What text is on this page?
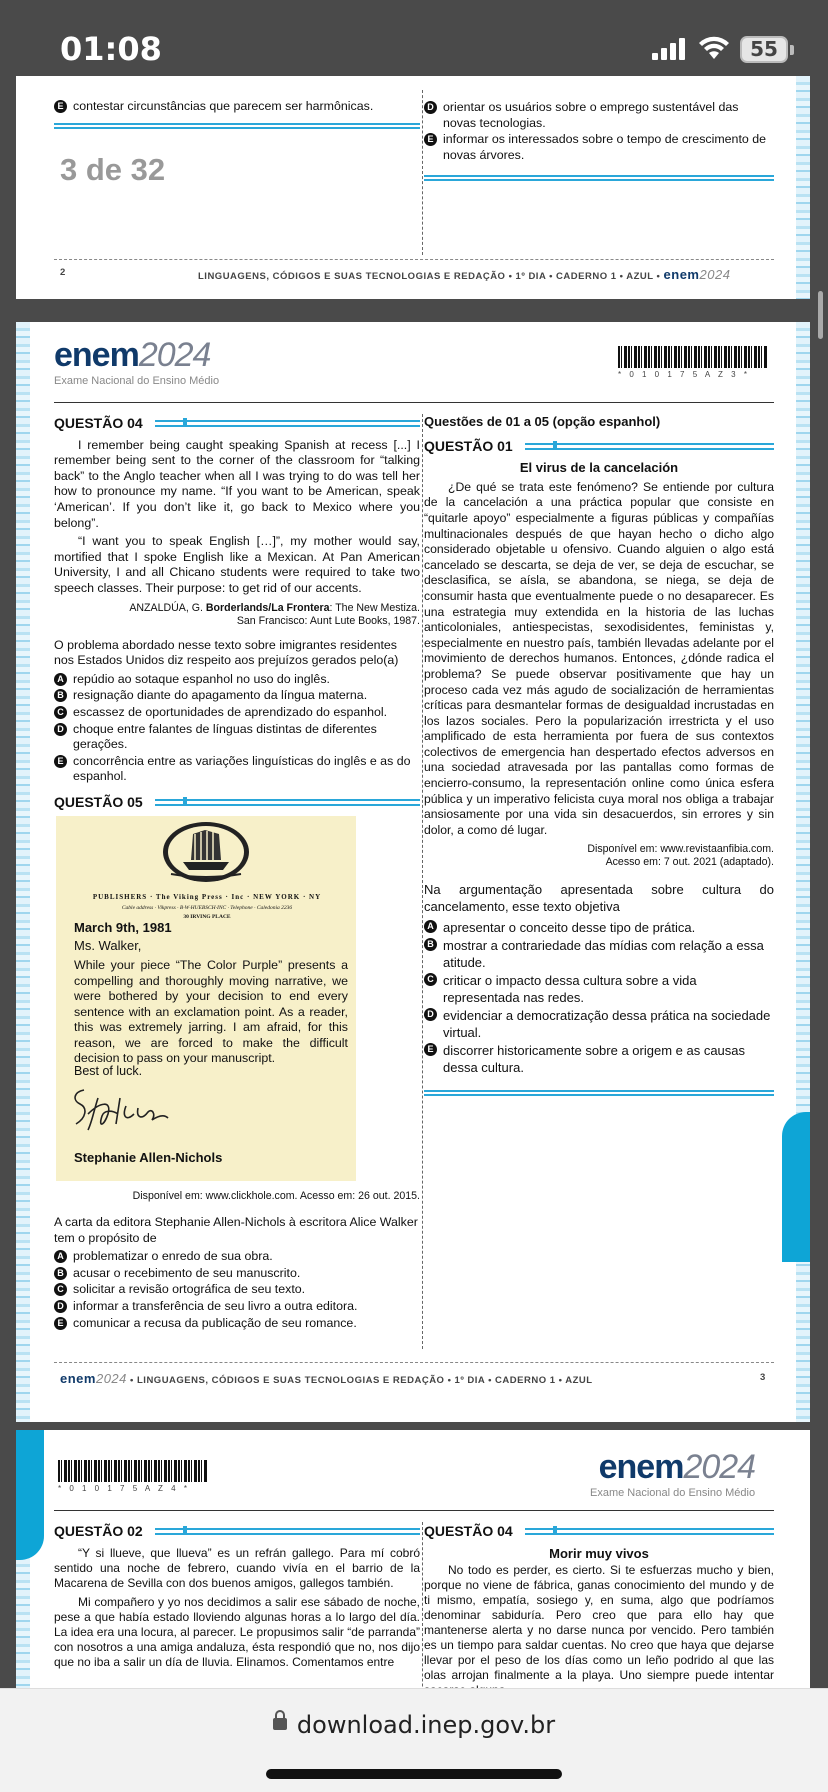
01:08	55
E contestar circunstâncias que parecem ser harmônicas.	D orientar os usuários sobre o emprego sustentável das novas tecnologias.
E informar os interessados sobre o tempo de crescimento de novas árvores.
2	LINGUAGENS, CÓDIGOS E SUAS TECNOLOGIAS E REDAÇÃO • 1º DIA • CADERNO 1 • AZUL • enem2024
3 de 32
enem2024
Exame Nacional do Ensino Médio
* 0 1 0 1 7 5 A Z 3 *
QUESTÃO 04
I remember being caught speaking Spanish at recess [...] I remember being sent to the corner of the classroom for “talking back” to the Anglo teacher when all I was trying to do was tell her how to pronounce my name. “If you want to be American, speak ‘American’. If you don’t like it, go back to Mexico where you belong”.
“I want you to speak English […]”, my mother would say, mortified that I spoke English like a Mexican. At Pan American University, I and all Chicano students were required to take two speech classes. Their purpose: to get rid of our accents.
ANZALDÚA, G. Borderlands/La Frontera: The New Mestiza.
San Francisco: Aunt Lute Books, 1987.
O problema abordado nesse texto sobre imigrantes residentes nos Estados Unidos diz respeito aos prejuízos gerados pelo(a)
A repúdio ao sotaque espanhol no uso do inglês.
B resignação diante do apagamento da língua materna.
C escassez de oportunidades de aprendizado do espanhol.
D choque entre falantes de línguas distintas de diferentes gerações.
E concorrência entre as variações linguísticas do inglês e as do espanhol.
QUESTÃO 05
PUBLISHERS · The Viking Press · Inc · NEW YORK · NY
Cable address · Vikpress · B·W·HUEBSCH·INC · Telephone · Caledonia 2236
30 IRVING PLACE
March 9th, 1981
Ms. Walker,
While your piece “The Color Purple” presents a compelling and thoroughly moving narrative, we were bothered by your decision to end every sentence with an exclamation point. As a reader, this was extremely jarring. I am afraid, for this reason, we are forced to make the difficult decision to pass on your manuscript.
Best of luck.
Stephanie Allen-Nichols
Disponível em: www.clickhole.com. Acesso em: 26 out. 2015.
A carta da editora Stephanie Allen-Nichols à escritora Alice Walker tem o propósito de
A problematizar o enredo de sua obra.
B acusar o recebimento de seu manuscrito.
C solicitar a revisão ortográfica de seu texto.
D informar a transferência de seu livro a outra editora.
E comunicar a recusa da publicação de seu romance.
Questões de 01 a 05 (opção espanhol)
QUESTÃO 01
El virus de la cancelación
¿De qué se trata este fenómeno? Se entiende por cultura de la cancelación a una práctica popular que consiste en “quitarle apoyo” especialmente a figuras públicas y compañías multinacionales después de que hayan hecho o dicho algo considerado objetable u ofensivo. Cuando alguien o algo está cancelado se descarta, se deja de ver, se deja de escuchar, se desclasifica, se aísla, se abandona, se niega, se deja de consumir hasta que eventualmente puede o no desaparecer. Es una estrategia muy extendida en la historia de las luchas anticoloniales, antiespecistas, sexodisidentes, feministas y, especialmente en nuestro país, también llevadas adelante por el movimiento de derechos humanos. Entonces, ¿dónde radica el problema? Se puede observar positivamente que hay un proceso cada vez más agudo de socialización de herramientas críticas para desmantelar formas de desigualdad incrustadas en los lazos sociales. Pero la popularización irrestricta y el uso amplificado de esta herramienta por fuera de sus contextos colectivos de emergencia han despertado efectos adversos en una sociedad atravesada por las pantallas como formas de encierro-consumo, la representación online como única esfera pública y un imperativo felicista cuya moral nos obliga a trabajar ansiosamente por una vida sin desacuerdos, sin errores y sin dolor, a como dé lugar.
Disponível em: www.revistaanfibia.com.
Acesso em: 7 out. 2021 (adaptado).
Na argumentação apresentada sobre cultura do cancelamento, esse texto objetiva
A apresentar o conceito desse tipo de prática.
B mostrar a contrariedade das mídias com relação a essa atitude.
C criticar o impacto dessa cultura sobre a vida representada nas redes.
D evidenciar a democratização dessa prática na sociedade virtual.
E discorrer historicamente sobre a origem e as causas dessa cultura.
enem2024 • LINGUAGENS, CÓDIGOS E SUAS TECNOLOGIAS E REDAÇÃO • 1º DIA • CADERNO 1 • AZUL	3
* 0 1 0 1 7 5 A Z 4 *
enem2024
Exame Nacional do Ensino Médio
QUESTÃO 02
“Y si llueve, que llueva” es un refrán gallego. Para mí cobró sentido una noche de febrero, cuando vivía en el barrio de la Macarena de Sevilla con dos buenos amigos, gallegos también.
Mi compañero y yo nos decidimos a salir ese sábado de noche, pese a que había estado lloviendo algunas horas a lo largo del día. La idea era una locura, al parecer. Le propusimos salir “de parranda” con nosotros a una amiga andaluza, ésta respondió que no, nos dijo que no iba a salir un día de lluvia. Elinamos. Comentamos entre
QUESTÃO 04
Morir muy vivos
No todo es perder, es cierto. Si te esfuerzas mucho y bien, porque no viene de fábrica, ganas conocimiento del mundo y de ti mismo, empatía, sosiego y, en suma, algo que podríamos denominar sabiduría. Pero creo que para ello hay que mantenerse alerta y no darse nunca por vencido. Pero también es un tiempo para saldar cuentas. No creo que haya que dejarse llevar por el peso de los días como un leño podrido al que las olas arrojan finalmente a la playa. Uno siempre puede intentar
download.inep.gov.br
